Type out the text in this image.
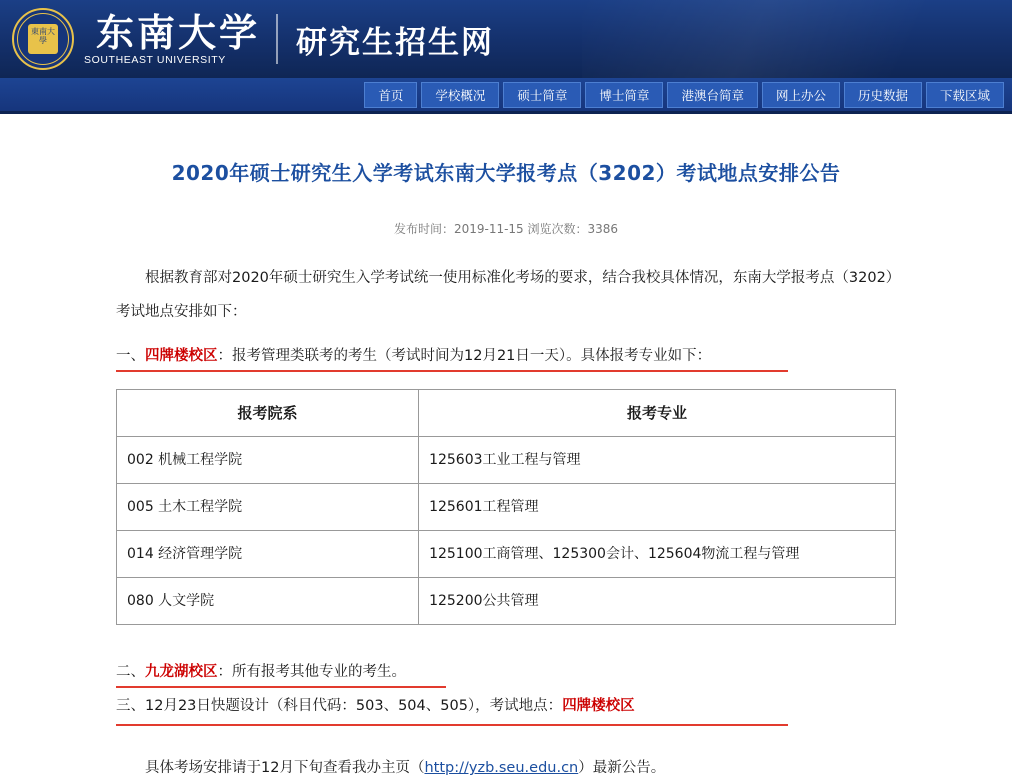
東南大學 东南大学
SOUTHEAST UNIVERSITY	研究生招生网
首页	学校概况	硕士简章	博士简章	港澳台简章	网上办公	历史数据	下载区域
2020年硕士研究生入学考试东南大学报考点（3202）考试地点安排公告
发布时间：2019-11-15 浏览次数：3386

根据教育部对2020年硕士研究生入学考试统一使用标准化考场的要求，结合我校具体情况，东南大学报考点（3202）考试地点安排如下：

一、四牌楼校区：报考管理类联考的考生（考试时间为12月21日一天）。具体报考专业如下：
报考院系	报考专业
002 机械工程学院	125603工业工程与管理
005 土木工程学院	125601工程管理
014 经济管理学院	125100工商管理、125300会计、125604物流工程与管理
080 人文学院	125200公共管理
二、九龙湖校区：所有报考其他专业的考生。
三、12月23日快题设计（科目代码：503、504、505），考试地点：四牌楼校区
具体考场安排请于12月下旬查看我办主页（http://yzb.seu.edu.cn）最新公告。
